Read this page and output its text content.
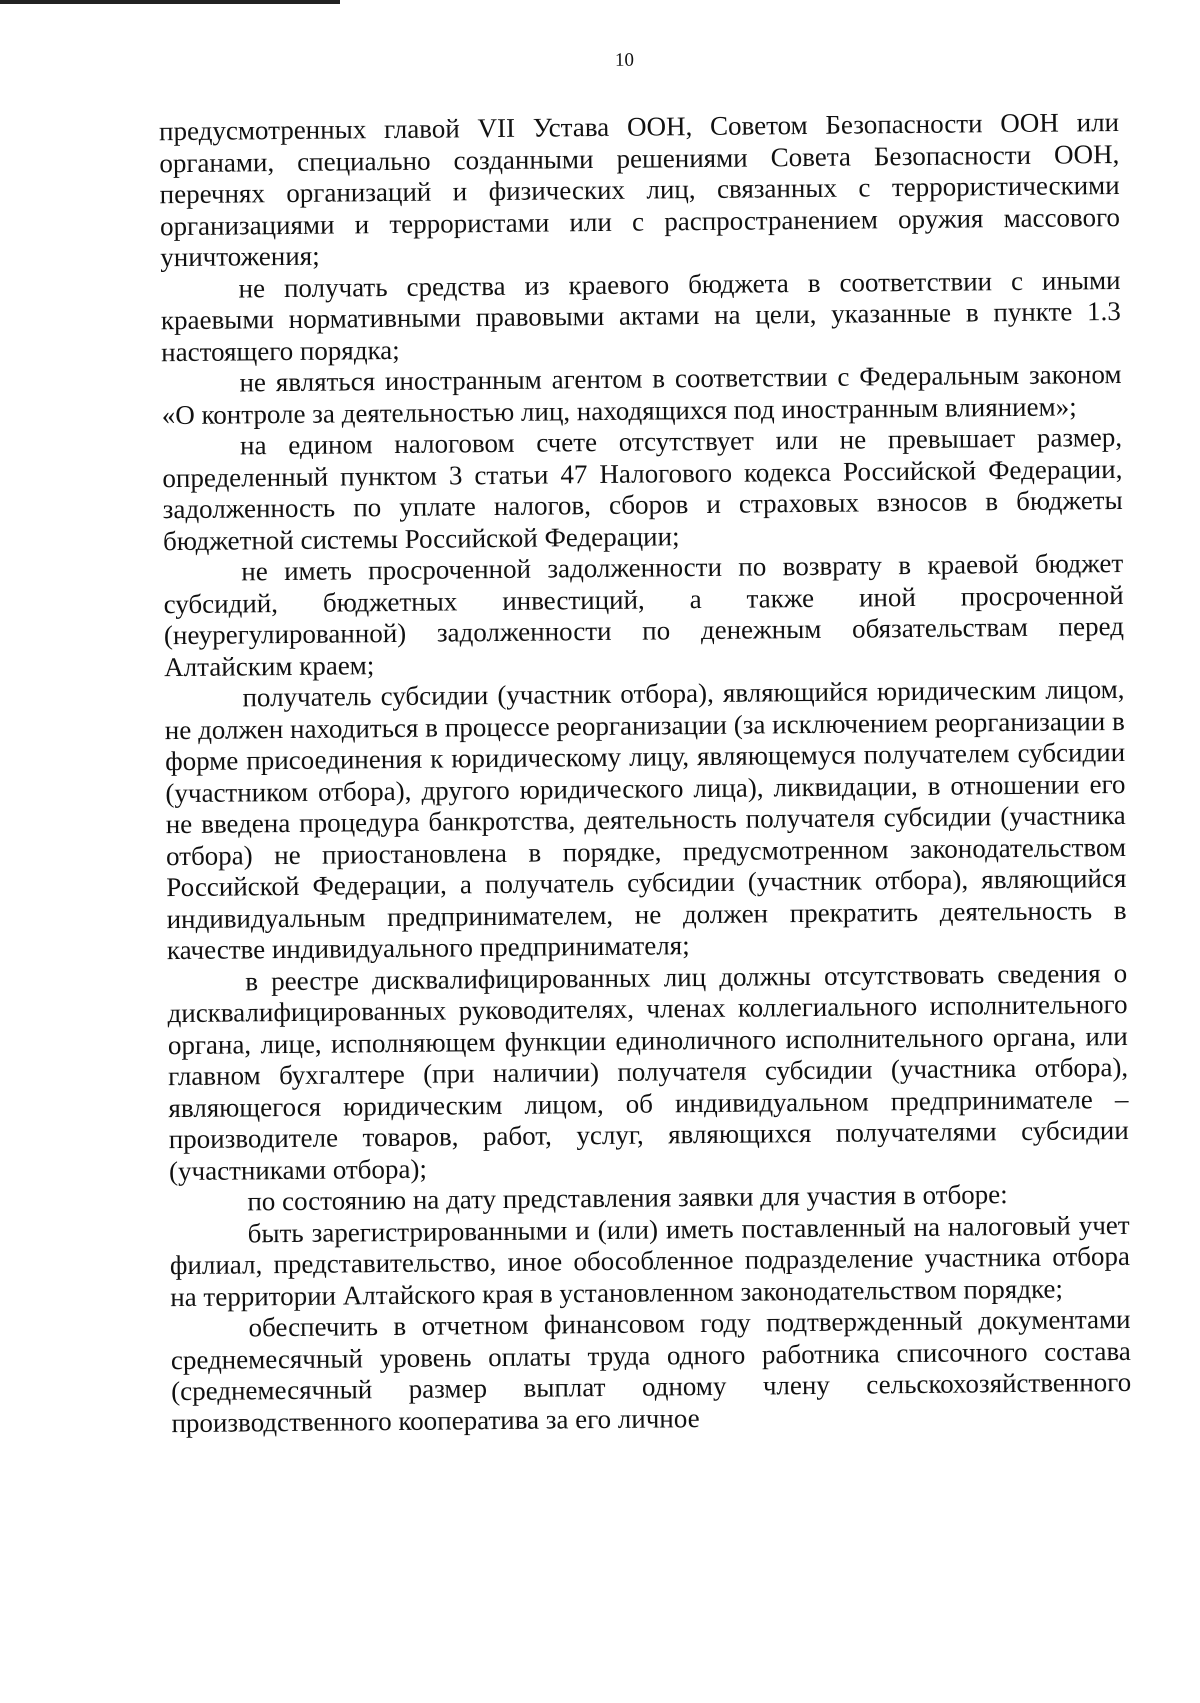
10

предусмотренных главой VII Устава ООН, Советом Безопасности ООН или органами, специально созданными решениями Совета Безопасности ООН, перечнях организаций и физических лиц, связанных с террористическими организациями и террористами или с распространением оружия массового уничтожения;

не получать средства из краевого бюджета в соответствии с иными краевыми нормативными правовыми актами на цели, указанные в пункте 1.3 настоящего порядка;

не являться иностранным агентом в соответствии с Федеральным законом «О контроле за деятельностью лиц, находящихся под иностранным влиянием»;

на едином налоговом счете отсутствует или не превышает размер, определенный пунктом 3 статьи 47 Налогового кодекса Российской Федерации, задолженность по уплате налогов, сборов и страховых взносов в бюджеты бюджетной системы Российской Федерации;

не иметь просроченной задолженности по возврату в краевой бюджет субсидий, бюджетных инвестиций, а также иной просроченной (неурегулированной) задолженности по денежным обязательствам перед Алтайским краем;

получатель субсидии (участник отбора), являющийся юридическим лицом, не должен находиться в процессе реорганизации (за исключением реорганизации в форме присоединения к юридическому лицу, являющемуся получателем субсидии (участником отбора), другого юридического лица), ликвидации, в отношении его не введена процедура банкротства, деятельность получателя субсидии (участника отбора) не приостановлена в порядке, предусмотренном законодательством Российской Федерации, а получатель субсидии (участник отбора), являющийся индивидуальным предпринимателем, не должен прекратить деятельность в качестве индивидуального предпринимателя;

в реестре дисквалифицированных лиц должны отсутствовать сведения о дисквалифицированных руководителях, членах коллегиального исполнительного органа, лице, исполняющем функции единоличного исполнительного органа, или главном бухгалтере (при наличии) получателя субсидии (участника отбора), являющегося юридическим лицом, об индивидуальном предпринимателе – производителе товаров, работ, услуг, являющихся получателями субсидии (участниками отбора);

по состоянию на дату представления заявки для участия в отборе:

быть зарегистрированными и (или) иметь поставленный на налоговый учет филиал, представительство, иное обособленное подразделение участника отбора на территории Алтайского края в установленном законодательством порядке;

обеспечить в отчетном финансовом году подтвержденный документами среднемесячный уровень оплаты труда одного работника списочного состава (среднемесячный размер выплат одному члену сельскохозяйственного производственного кооператива за его личное
